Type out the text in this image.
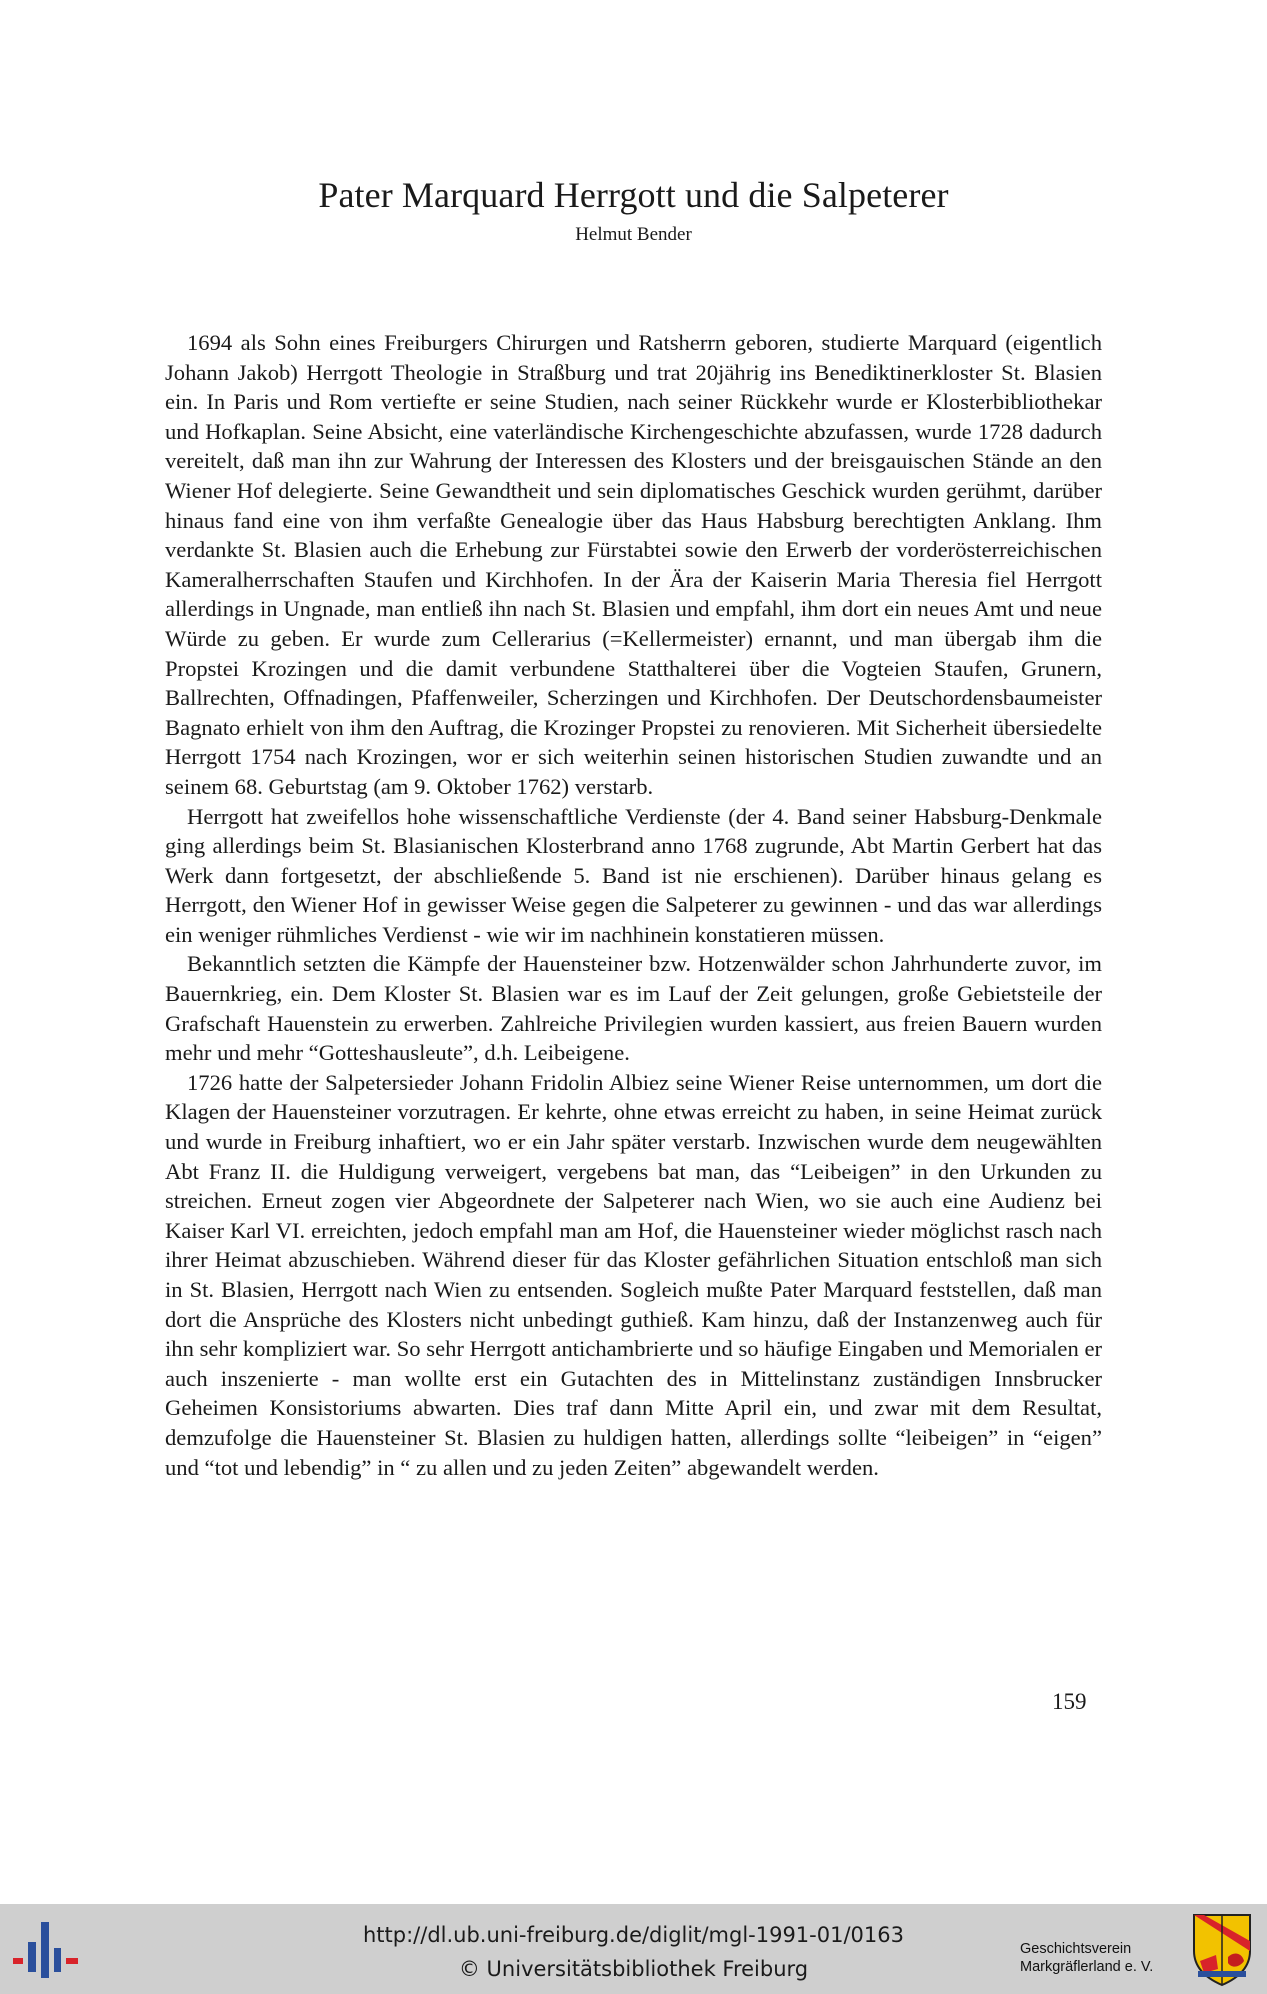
Pater Marquard Herrgott und die Salpeterer
Helmut Bender

1694 als Sohn eines Freiburgers Chirurgen und Ratsherrn geboren, studierte Marquard (eigentlich Johann Jakob) Herrgott Theologie in Straßburg und trat 20jährig ins Benediktinerkloster St. Blasien ein. In Paris und Rom vertiefte er seine Studien, nach seiner Rückkehr wurde er Klosterbibliothekar und Hofkaplan. Seine Absicht, eine vaterländische Kirchengeschichte abzufassen, wurde 1728 dadurch vereitelt, daß man ihn zur Wahrung der Interessen des Klosters und der breisgauischen Stände an den Wiener Hof delegierte. Seine Gewandtheit und sein diplomatisches Geschick wurden gerühmt, darüber hinaus fand eine von ihm verfaßte Genealogie über das Haus Habsburg berechtigten Anklang. Ihm verdankte St. Blasien auch die Erhebung zur Fürstabtei sowie den Erwerb der vorderösterreichischen Kameralherrschaften Staufen und Kirchhofen. In der Ära der Kaiserin Maria Theresia fiel Herrgott allerdings in Ungnade, man entließ ihn nach St. Blasien und empfahl, ihm dort ein neues Amt und neue Würde zu geben. Er wurde zum Cellerarius (=Kellermeister) ernannt, und man übergab ihm die Propstei Krozingen und die damit verbundene Statthalterei über die Vogteien Staufen, Grunern, Ballrechten, Offnadingen, Pfaffenweiler, Scherzingen und Kirchhofen. Der Deutschordensbaumeister Bagnato erhielt von ihm den Auftrag, die Krozinger Propstei zu renovieren. Mit Sicherheit übersiedelte Herrgott 1754 nach Krozingen, wor er sich weiterhin seinen historischen Studien zuwandte und an seinem 68. Geburtstag (am 9. Oktober 1762) verstarb.

Herrgott hat zweifellos hohe wissenschaftliche Verdienste (der 4. Band seiner Habsburg-Denkmale ging allerdings beim St. Blasianischen Klosterbrand anno 1768 zugrunde, Abt Martin Gerbert hat das Werk dann fortgesetzt, der abschließende 5. Band ist nie erschienen). Darüber hinaus gelang es Herrgott, den Wiener Hof in gewisser Weise gegen die Salpeterer zu gewinnen - und das war allerdings ein weniger rühmliches Verdienst - wie wir im nachhinein konstatieren müssen.

Bekanntlich setzten die Kämpfe der Hauensteiner bzw. Hotzenwälder schon Jahrhunderte zuvor, im Bauernkrieg, ein. Dem Kloster St. Blasien war es im Lauf der Zeit gelungen, große Gebietsteile der Grafschaft Hauenstein zu erwerben. Zahlreiche Privilegien wurden kassiert, aus freien Bauern wurden mehr und mehr “Gotteshausleute”, d.h. Leibeigene.

1726 hatte der Salpetersieder Johann Fridolin Albiez seine Wiener Reise unternommen, um dort die Klagen der Hauensteiner vorzutragen. Er kehrte, ohne etwas erreicht zu haben, in seine Heimat zurück und wurde in Freiburg inhaftiert, wo er ein Jahr später verstarb. Inzwischen wurde dem neugewählten Abt Franz II. die Huldigung verweigert, vergebens bat man, das “Leibeigen” in den Urkunden zu streichen. Erneut zogen vier Abgeordnete der Salpeterer nach Wien, wo sie auch eine Audienz bei Kaiser Karl VI. erreichten, jedoch empfahl man am Hof, die Hauensteiner wieder möglichst rasch nach ihrer Heimat abzuschieben. Während dieser für das Kloster gefährlichen Situation entschloß man sich in St. Blasien, Herrgott nach Wien zu entsenden. Sogleich mußte Pater Marquard feststellen, daß man dort die Ansprüche des Klosters nicht unbedingt guthieß. Kam hinzu, daß der Instanzenweg auch für ihn sehr kompliziert war. So sehr Herrgott antichambrierte und so häufige Eingaben und Memorialen er auch inszenierte - man wollte erst ein Gutachten des in Mittelinstanz zuständigen Innsbrucker Geheimen Konsistoriums abwarten. Dies traf dann Mitte April ein, und zwar mit dem Resultat, demzufolge die Hauensteiner St. Blasien zu huldigen hatten, allerdings sollte “leibeigen” in “eigen” und “tot und lebendig” in “ zu allen und zu jeden Zeiten” abgewandelt werden.

159
http://dl.ub.uni-freiburg.de/diglit/mgl-1991-01/0163
© Universitätsbibliothek Freiburg
Geschichtsverein
Markgräflerland e. V.
